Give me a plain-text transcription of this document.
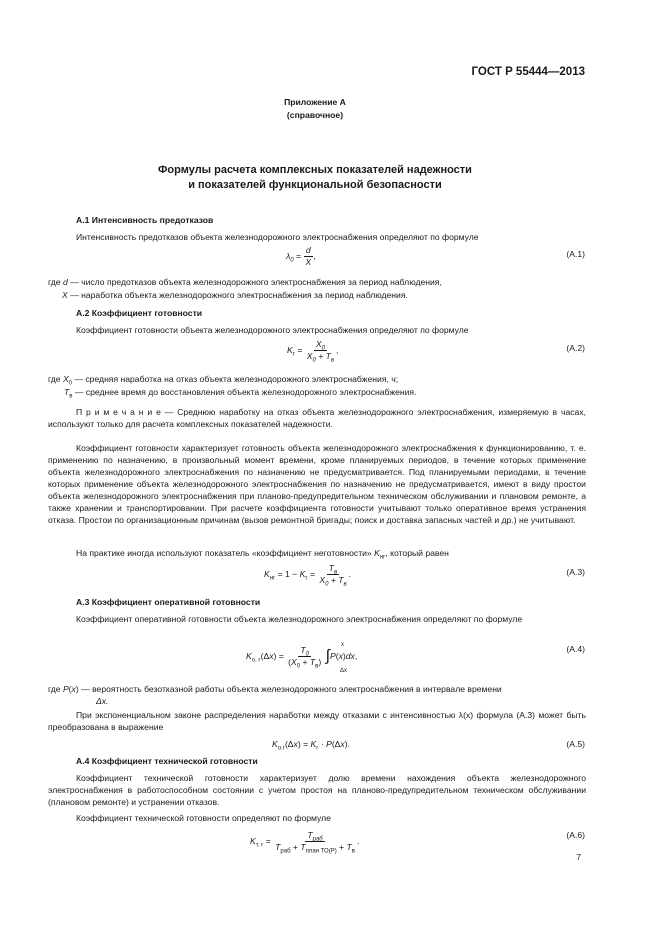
ГОСТ Р 55444—2013
Приложение А
(справочное)
Формулы расчета комплексных показателей надежности
и показателей функциональной безопасности
А.1 Интенсивность предотказов
Интенсивность предотказов объекта железнодорожного электроснабжения определяют по формуле
$\lambda_0 = \frac{d}{X}$ ,	(А.1)
где d — число предотказов объекта железнодорожного электроснабжения за период наблюдения,
X — наработка объекта железнодорожного электроснабжения за период наблюдения.
А.2 Коэффициент готовности
Коэффициент готовности объекта железнодорожного электроснабжения определяют по формуле
$K_г = \frac{X_0}{X_0 + T_в}$ ,	(А.2)
где $X_0$ — средняя наработка на отказ объекта железнодорожного электроснабжения, ч;
$T_в$ — среднее время до восстановления объекта железнодорожного электроснабжения.
П р и м е ч а н и е — Среднюю наработку на отказ объекта железнодорожного электроснабжения, измеряемую в часах, используют только для расчета комплексных показателей надежности.
Коэффициент готовности характеризует готовность объекта железнодорожного электроснабжения к функционированию, т. е. применению по назначению, в произвольный момент времени, кроме планируемых периодов, в течение которых применение объекта железнодорожного электроснабжения по назначению не предусматривается. Под планируемыми периодами, в течение которых применение объекта железнодорожного электроснабжения по назначению не предусматривается, имеют в виду простои объекта железнодорожного электроснабжения при планово-предупредительном техническом обслуживании и плановом ремонте, а также хранении и транспортировании. При расчете коэффициента готовности учитывают только оперативное время устранения отказа. Простои по организационным причинам (вызов ремонтной бригады; поиск и доставка запасных частей и др.) не учитывают.
На практике иногда используют показатель «коэффициент неготовности» $K_{нг}$, который равен
$K_{нг} = 1 - K_г = \frac{T_в}{X_0 + T_в}$ .	(А.3)
А.3 Коэффициент оперативной готовности
Коэффициент оперативной готовности объекта железнодорожного электроснабжения определяют по формуле
$K_{о. г}(\Delta x) = \frac{T_0}{(X_0 + T_в)} \int P(x)dx$,
x
Δx
(А.4)
где P(x) — вероятность безотказной работы объекта железнодорожного электроснабжения в интервале времени
Δx.
При экспоненциальном законе распределения наработки между отказами с интенсивностью λ(x) формула (А.3) может быть преобразована в выражение
$K_{о.г}(\Delta x) = K_г \cdot P(\Delta x)$.	(А.5)
А.4 Коэффициент технической готовности
Коэффициент технической готовности характеризует долю времени нахождения объекта железнодорожного электроснабжения в работоспособном состоянии с учетом простоя на планово-предупредительном техническом обслуживании (плановом ремонте) и устранении отказов.
Коэффициент технической готовности определяют по формуле
$K_{т. г} = \frac{T_{раб}}{T_{раб} + T_{план ТО(Р)} + T_в}$ .
(А.6)
7
